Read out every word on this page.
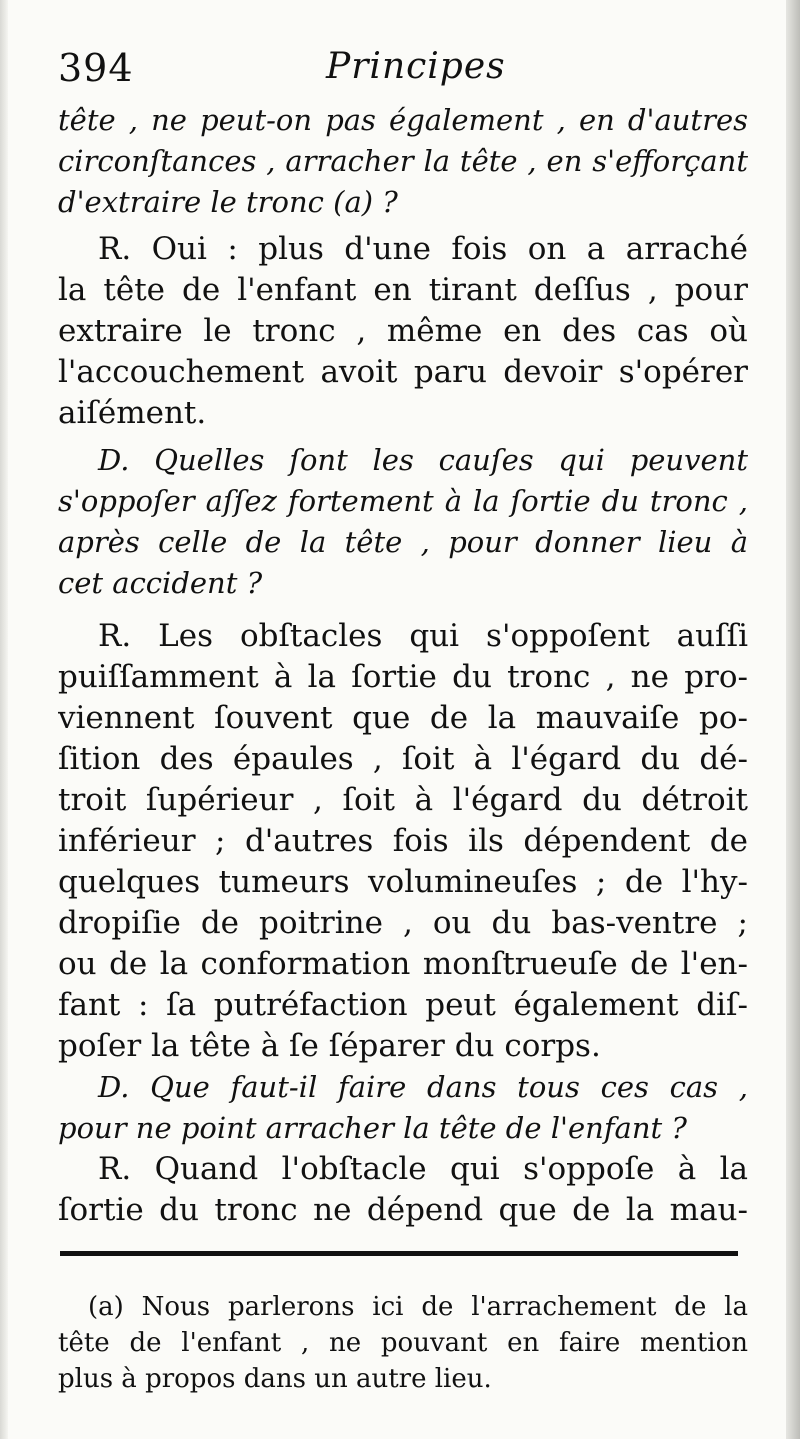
394	Principes
tête , ne peut-on pas également , en d'autres
circonſtances , arracher la tête , en s'efforçant
d'extraire le tronc (a) ?
R. Oui : plus d'une fois on a arraché
la tête de l'enfant en tirant deſſus , pour
extraire le tronc , même en des cas où
l'accouchement avoit paru devoir s'opérer
aiſément.
D. Quelles ſont les cauſes qui peuvent
s'oppoſer aſſez fortement à la ſortie du tronc ,
après celle de la tête , pour donner lieu à
cet accident ?
R. Les obſtacles qui s'oppoſent auſſi
puiſſamment à la ſortie du tronc , ne pro-
viennent ſouvent que de la mauvaiſe po-
ſition des épaules , ſoit à l'égard du dé-
troit ſupérieur , ſoit à l'égard du détroit
inférieur ; d'autres fois ils dépendent de
quelques tumeurs volumineuſes ; de l'hy-
dropiſie de poitrine , ou du bas-ventre ;
ou de la conformation monſtrueuſe de l'en-
fant : ſa putréfaction peut également diſ-
poſer la tête à ſe ſéparer du corps.
D. Que faut-il faire dans tous ces cas ,
pour ne point arracher la tête de l'enfant ?
R. Quand l'obſtacle qui s'oppoſe à la
ſortie du tronc ne dépend que de la mau-
(a) Nous parlerons ici de l'arrachement de la
tête de l'enfant , ne pouvant en faire mention
plus à propos dans un autre lieu.
